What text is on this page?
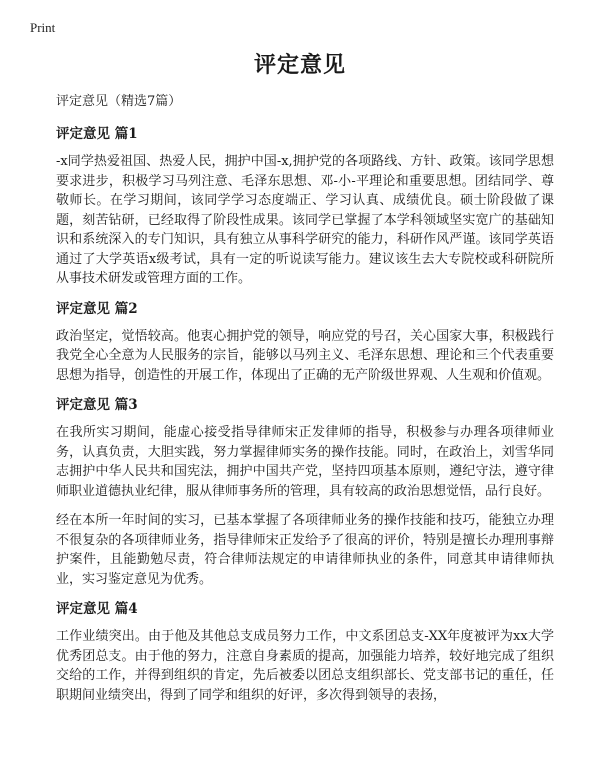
Print
评定意见

评定意见（精选7篇）

评定意见 篇1

-x同学热爱祖国、热爱人民，拥护中国-x,拥护党的各项路线、方针、政策。该同学思想要求进步，积极学习马列注意、毛泽东思想、邓-小-平理论和重要思想。团结同学、尊敬师长。在学习期间，该同学学习态度端正、学习认真、成绩优良。硕士阶段做了课题，刻苦钻研，已经取得了阶段性成果。该同学已掌握了本学科领域坚实宽广的基础知识和系统深入的专门知识，具有独立从事科学研究的能力，科研作风严谨。该同学英语通过了大学英语x级考试，具有一定的听说读写能力。建议该生去大专院校或科研院所从事技术研发或管理方面的工作。

评定意见 篇2

政治坚定，觉悟较高。他衷心拥护党的领导，响应党的号召，关心国家大事，积极践行我党全心全意为人民服务的宗旨，能够以马列主义、毛泽东思想、理论和三个代表重要思想为指导，创造性的开展工作，体现出了正确的无产阶级世界观、人生观和价值观。

评定意见 篇3

在我所实习期间，能虚心接受指导律师宋正发律师的指导，积极参与办理各项律师业务，认真负责，大胆实践，努力掌握律师实务的操作技能。同时，在政治上，刘雪华同志拥护中华人民共和国宪法，拥护中国共产党，坚持四项基本原则，遵纪守法，遵守律师职业道德执业纪律，服从律师事务所的管理，具有较高的政治思想觉悟，品行良好。

经在本所一年时间的实习，已基本掌握了各项律师业务的操作技能和技巧，能独立办理不很复杂的各项律师业务，指导律师宋正发给予了很高的评价，特别是擅长办理刑事辩护案件，且能勤勉尽责，符合律师法规定的申请律师执业的条件，同意其申请律师执业，实习鉴定意见为优秀。

评定意见 篇4

工作业绩突出。由于他及其他总支成员努力工作，中文系团总支-XX年度被评为xx大学优秀团总支。由于他的努力，注意自身素质的提高，加强能力培养，较好地完成了组织交给的工作，并得到组织的肯定，先后被委以团总支组织部长、党支部书记的重任，任职期间业绩突出，得到了同学和组织的好评，多次得到领导的表扬，
